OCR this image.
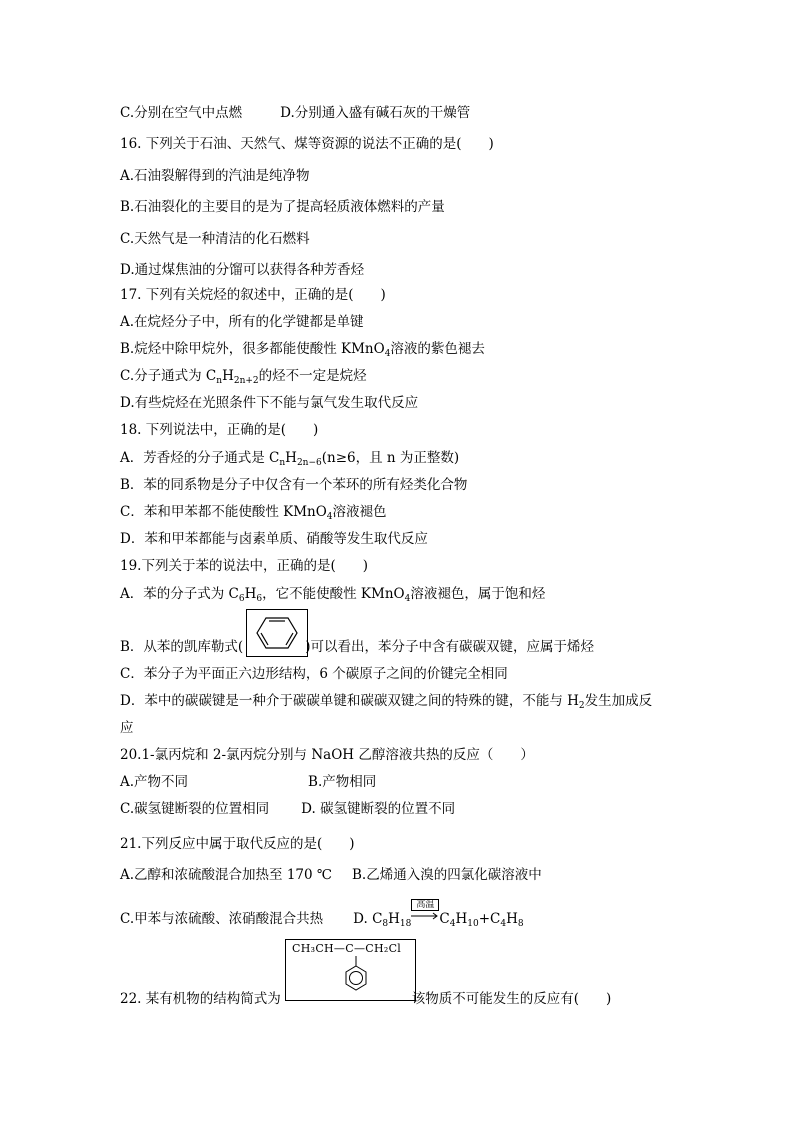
C.分别在空气中点燃	D.分别通入盛有碱石灰的干燥管
16. 下列关于石油、天然气、煤等资源的说法不正确的是(　　)
A.石油裂解得到的汽油是纯净物
B.石油裂化的主要目的是为了提高轻质液体燃料的产量
C.天然气是一种清洁的化石燃料
D.通过煤焦油的分馏可以获得各种芳香烃
17. 下列有关烷烃的叙述中，正确的是(　　)
A.在烷烃分子中，所有的化学键都是单键
B.烷烃中除甲烷外，很多都能使酸性 KMnO$_4$溶液的紫色褪去
C.分子通式为 $C_nH_{2n+2}$的烃不一定是烷烃
D.有些烷烃在光照条件下不能与氯气发生取代反应
18. 下列说法中，正确的是(　　)
A．芳香烃的分子通式是 $C_nH_{2n-6}(n\ge 6$，且 n 为正整数)
B．苯的同系物是分子中仅含有一个苯环的所有烃类化合物
C．苯和甲苯都不能使酸性 KMnO$_4$溶液褪色
D．苯和甲苯都能与卤素单质、硝酸等发生取代反应
19.下列关于苯的说法中，正确的是(　　)
A．苯的分子式为 $C_6H_6$，它不能使酸性 KMnO$_4$溶液褪色，属于饱和烃
B．从苯的凯库勒式(	)可以看出，苯分子中含有碳碳双键，应属于烯烃
C．苯分子为平面正六边形结构，6 个碳原子之间的价键完全相同
D．苯中的碳碳键是一种介于碳碳单键和碳碳双键之间的特殊的键，不能与 $H_2$发生加成反
应
20.1-氯丙烷和 2-氯丙烷分别与 NaOH 乙醇溶液共热的反应（　　）
A.产物不同	B.产物相同
C.碳氢键断裂的位置相同 D. 碳氢键断裂的位置不同
21.下列反应中属于取代反应的是(　　)
A.乙醇和浓硫酸混合加热至 170 ℃ B.乙烯通入溴的四氯化碳溶液中
C.甲苯与浓硫酸、浓硝酸混合共热 D. $C_8H_{18}$
高温
$C_4H_{10}+C_4H_8$
CH₃CH—C—CH₂Cl
22. 某有机物的结构简式为	该物质不可能发生的反应有(　　)
